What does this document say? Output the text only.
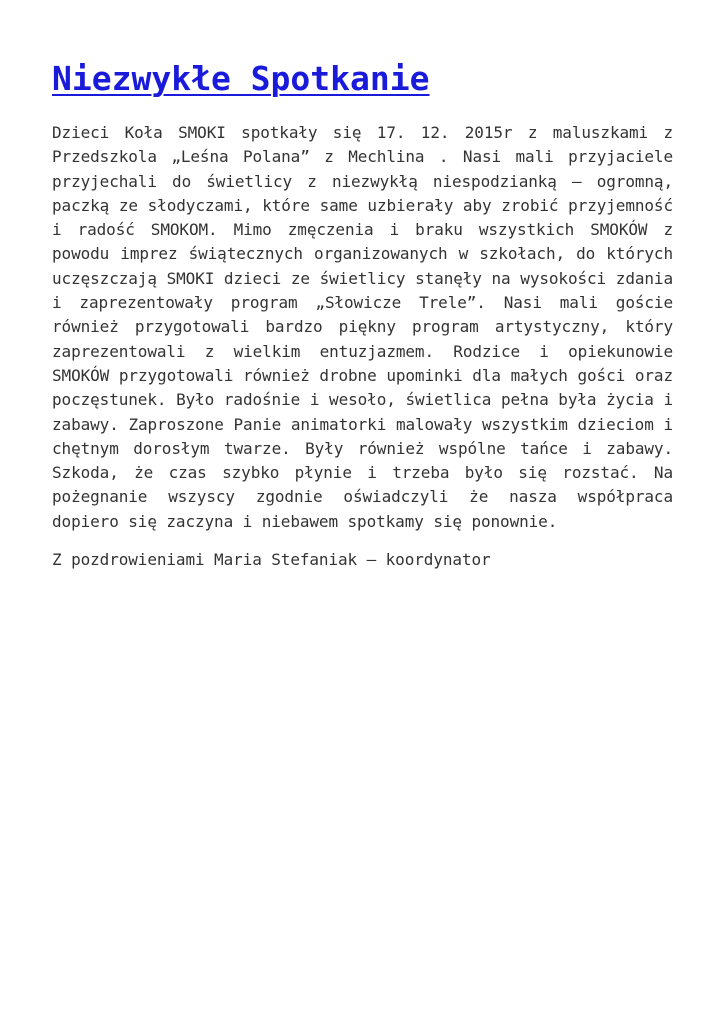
Niezwykłe Spotkanie

Dzieci Koła SMOKI spotkały się 17. 12. 2015r z maluszkami z Przedszkola „Leśna Polana” z Mechlina . Nasi mali przyjaciele przyjechali do świetlicy z niezwykłą niespodzianką – ogromną, paczką ze słodyczami, które same uzbierały aby zrobić przyjemność i radość SMOKOM. Mimo zmęczenia i braku wszystkich SMOKÓW z powodu imprez świątecznych organizowanych w szkołach, do których uczęszczają SMOKI dzieci ze świetlicy stanęły na wysokości zdania i zaprezentowały program „Słowicze Trele”. Nasi mali goście również przygotowali bardzo piękny program artystyczny, który zaprezentowali z wielkim entuzjazmem. Rodzice i opiekunowie SMOKÓW przygotowali również drobne upominki dla małych gości oraz poczęstunek. Było radośnie i wesoło, świetlica pełna była życia i zabawy. Zaproszone Panie animatorki malowały wszystkim dzieciom i chętnym dorosłym twarze. Były również wspólne tańce i zabawy. Szkoda, że czas szybko płynie i trzeba było się rozstać. Na pożegnanie wszyscy zgodnie oświadczyli że nasza współpraca dopiero się zaczyna i niebawem spotkamy się ponownie.

Z pozdrowieniami Maria Stefaniak – koordynator
